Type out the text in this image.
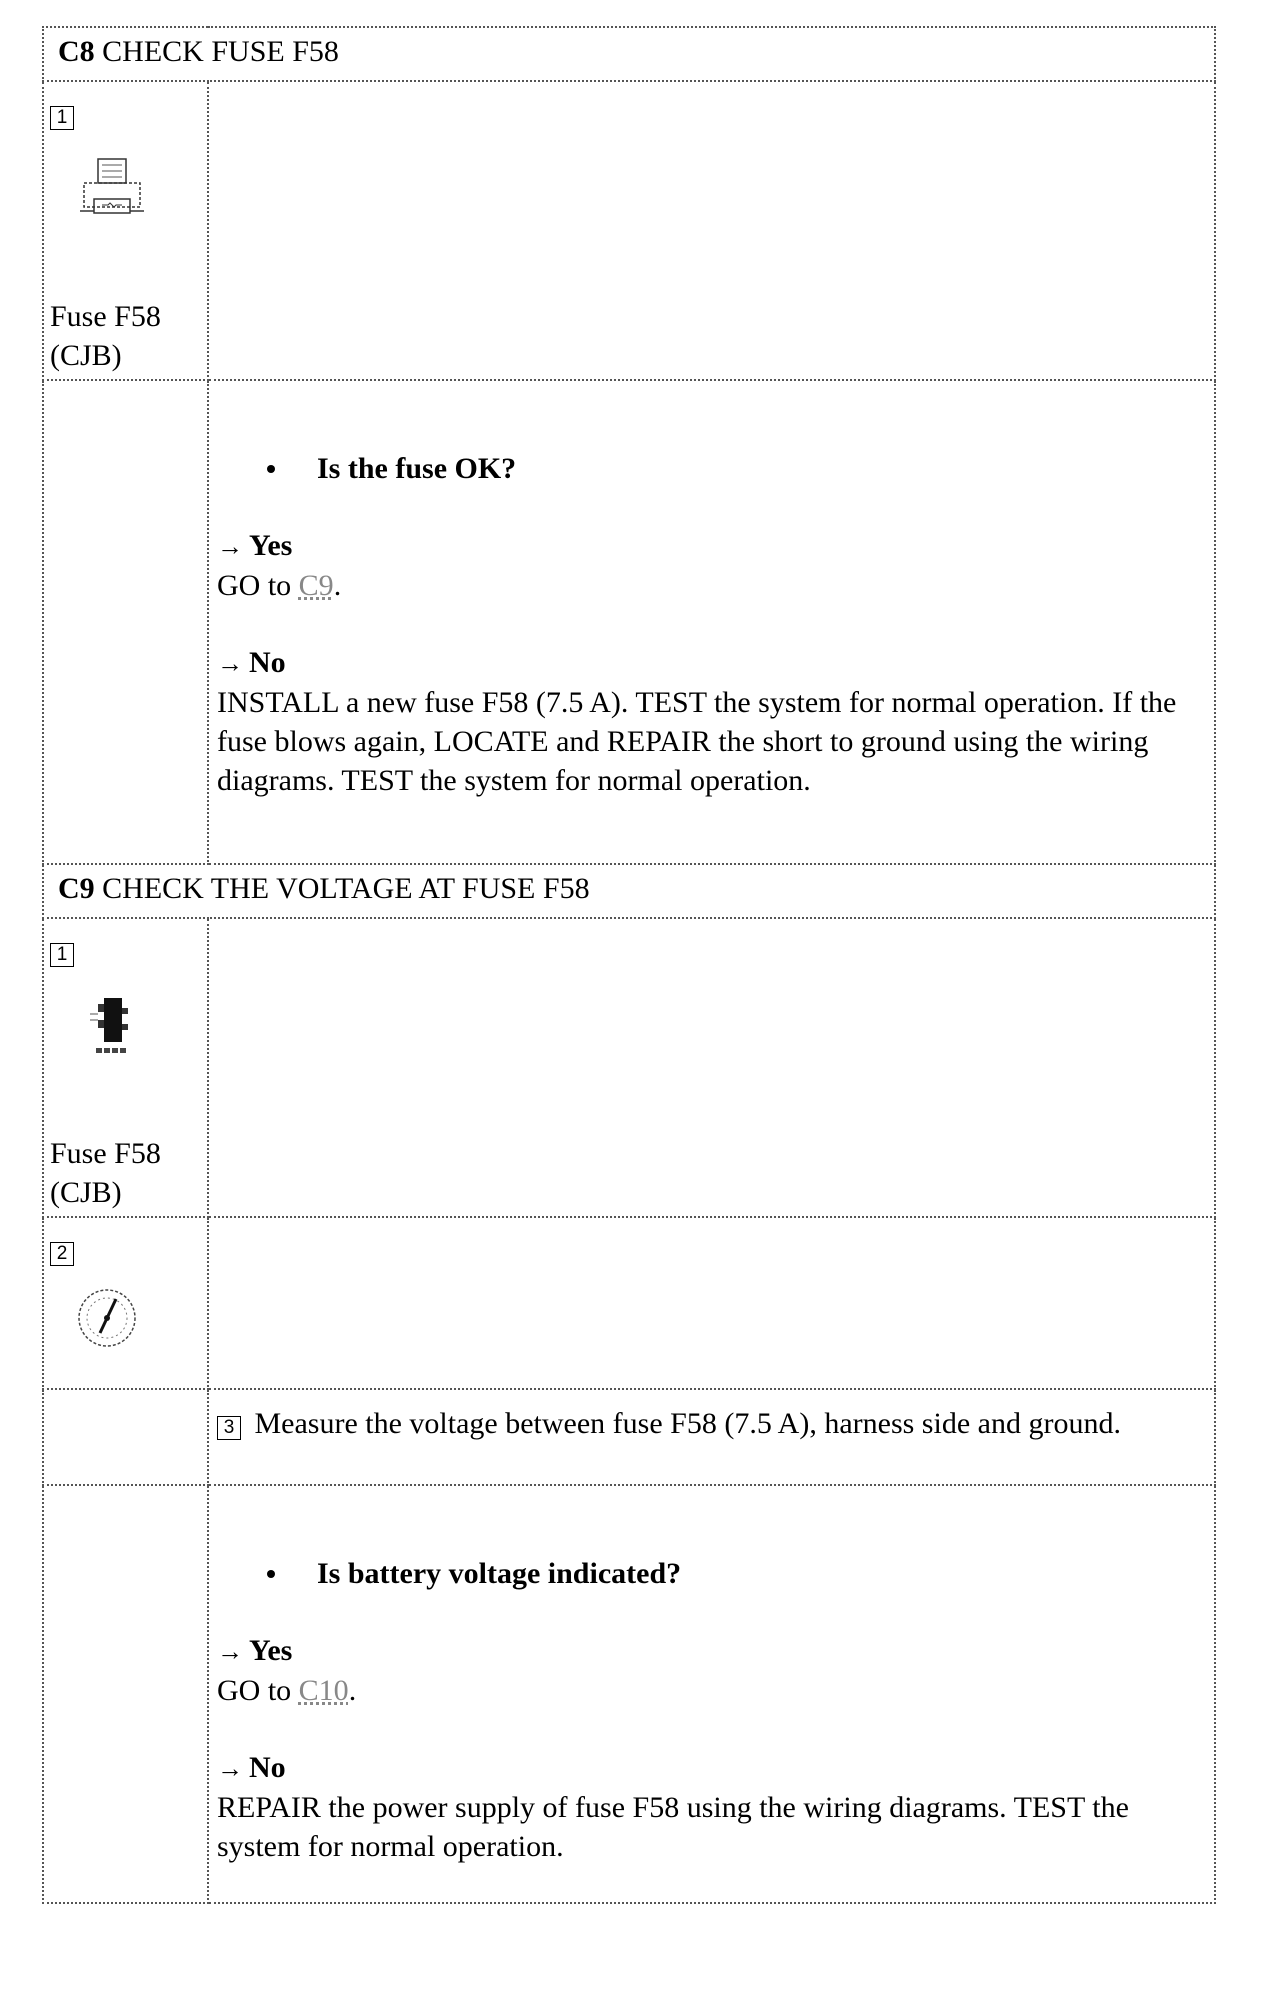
C8 CHECK FUSE F58	
1
Fuse F58
(CJB)	

	Is the fuse OK?
→ Yes
GO to C9.
→ No
INSTALL a new fuse F58 (7.5 A). TEST the system for normal operation. If the fuse blows again, LOCATE and REPAIR the short to ground using the wiring diagrams. TEST the system for normal operation.

C9 CHECK THE VOLTAGE AT FUSE F58	
1
Fuse F58
(CJB)	

2

	3 Measure the voltage between fuse F58 (7.5 A), harness side and ground.

	Is battery voltage indicated?
→ Yes
GO to C10.
→ No
REPAIR the power supply of fuse F58 using the wiring diagrams. TEST the system for normal operation.
